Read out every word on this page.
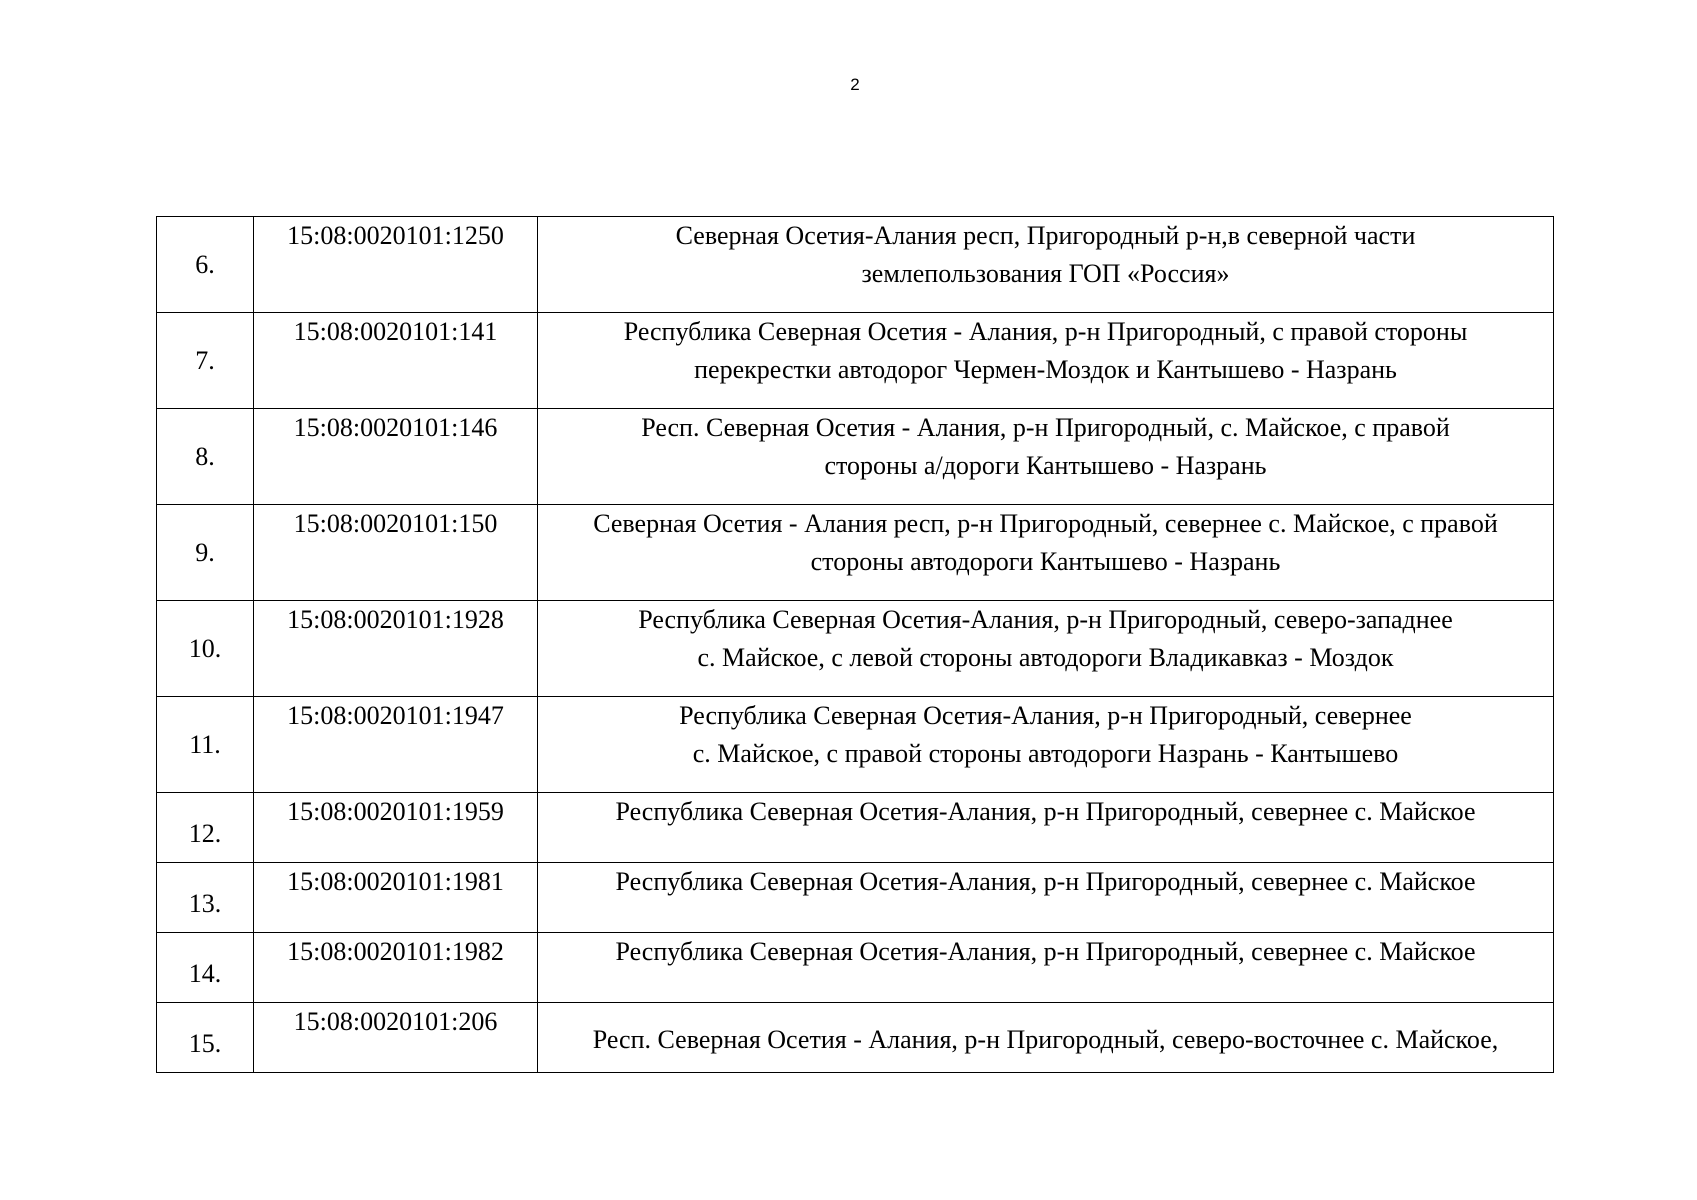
2
6.	15:08:0020101:1250	Северная Осетия-Алания респ, Пригородный р-н,в северной части
землепользования ГОП «Россия»

7.	15:08:0020101:141	Республика Северная Осетия - Алания, р-н Пригородный, с правой стороны
перекрестки автодорог Чермен-Моздок и Кантышево - Назрань

8.	15:08:0020101:146	Респ. Северная Осетия - Алания, р-н Пригородный, с. Майское, с правой
стороны а/дороги Кантышево - Назрань

9.	15:08:0020101:150	Северная Осетия - Алания респ, р-н Пригородный, севернее с. Майское, с правой
стороны автодороги Кантышево - Назрань

10.	15:08:0020101:1928	Республика Северная Осетия-Алания, р-н Пригородный, северо-западнее
с. Майское, с левой стороны автодороги Владикавказ - Моздок

11.	15:08:0020101:1947	Республика Северная Осетия-Алания, р-н Пригородный, севернее
с. Майское, с правой стороны автодороги Назрань - Кантышево

12.	15:08:0020101:1959	Республика Северная Осетия-Алания, р-н Пригородный, севернее с. Майское

13.	15:08:0020101:1981	Республика Северная Осетия-Алания, р-н Пригородный, севернее с. Майское

14.	15:08:0020101:1982	Республика Северная Осетия-Алания, р-н Пригородный, севернее с. Майское

15.	15:08:0020101:206	Респ. Северная Осетия - Алания, р-н Пригородный, северо-восточнее с. Майское,
